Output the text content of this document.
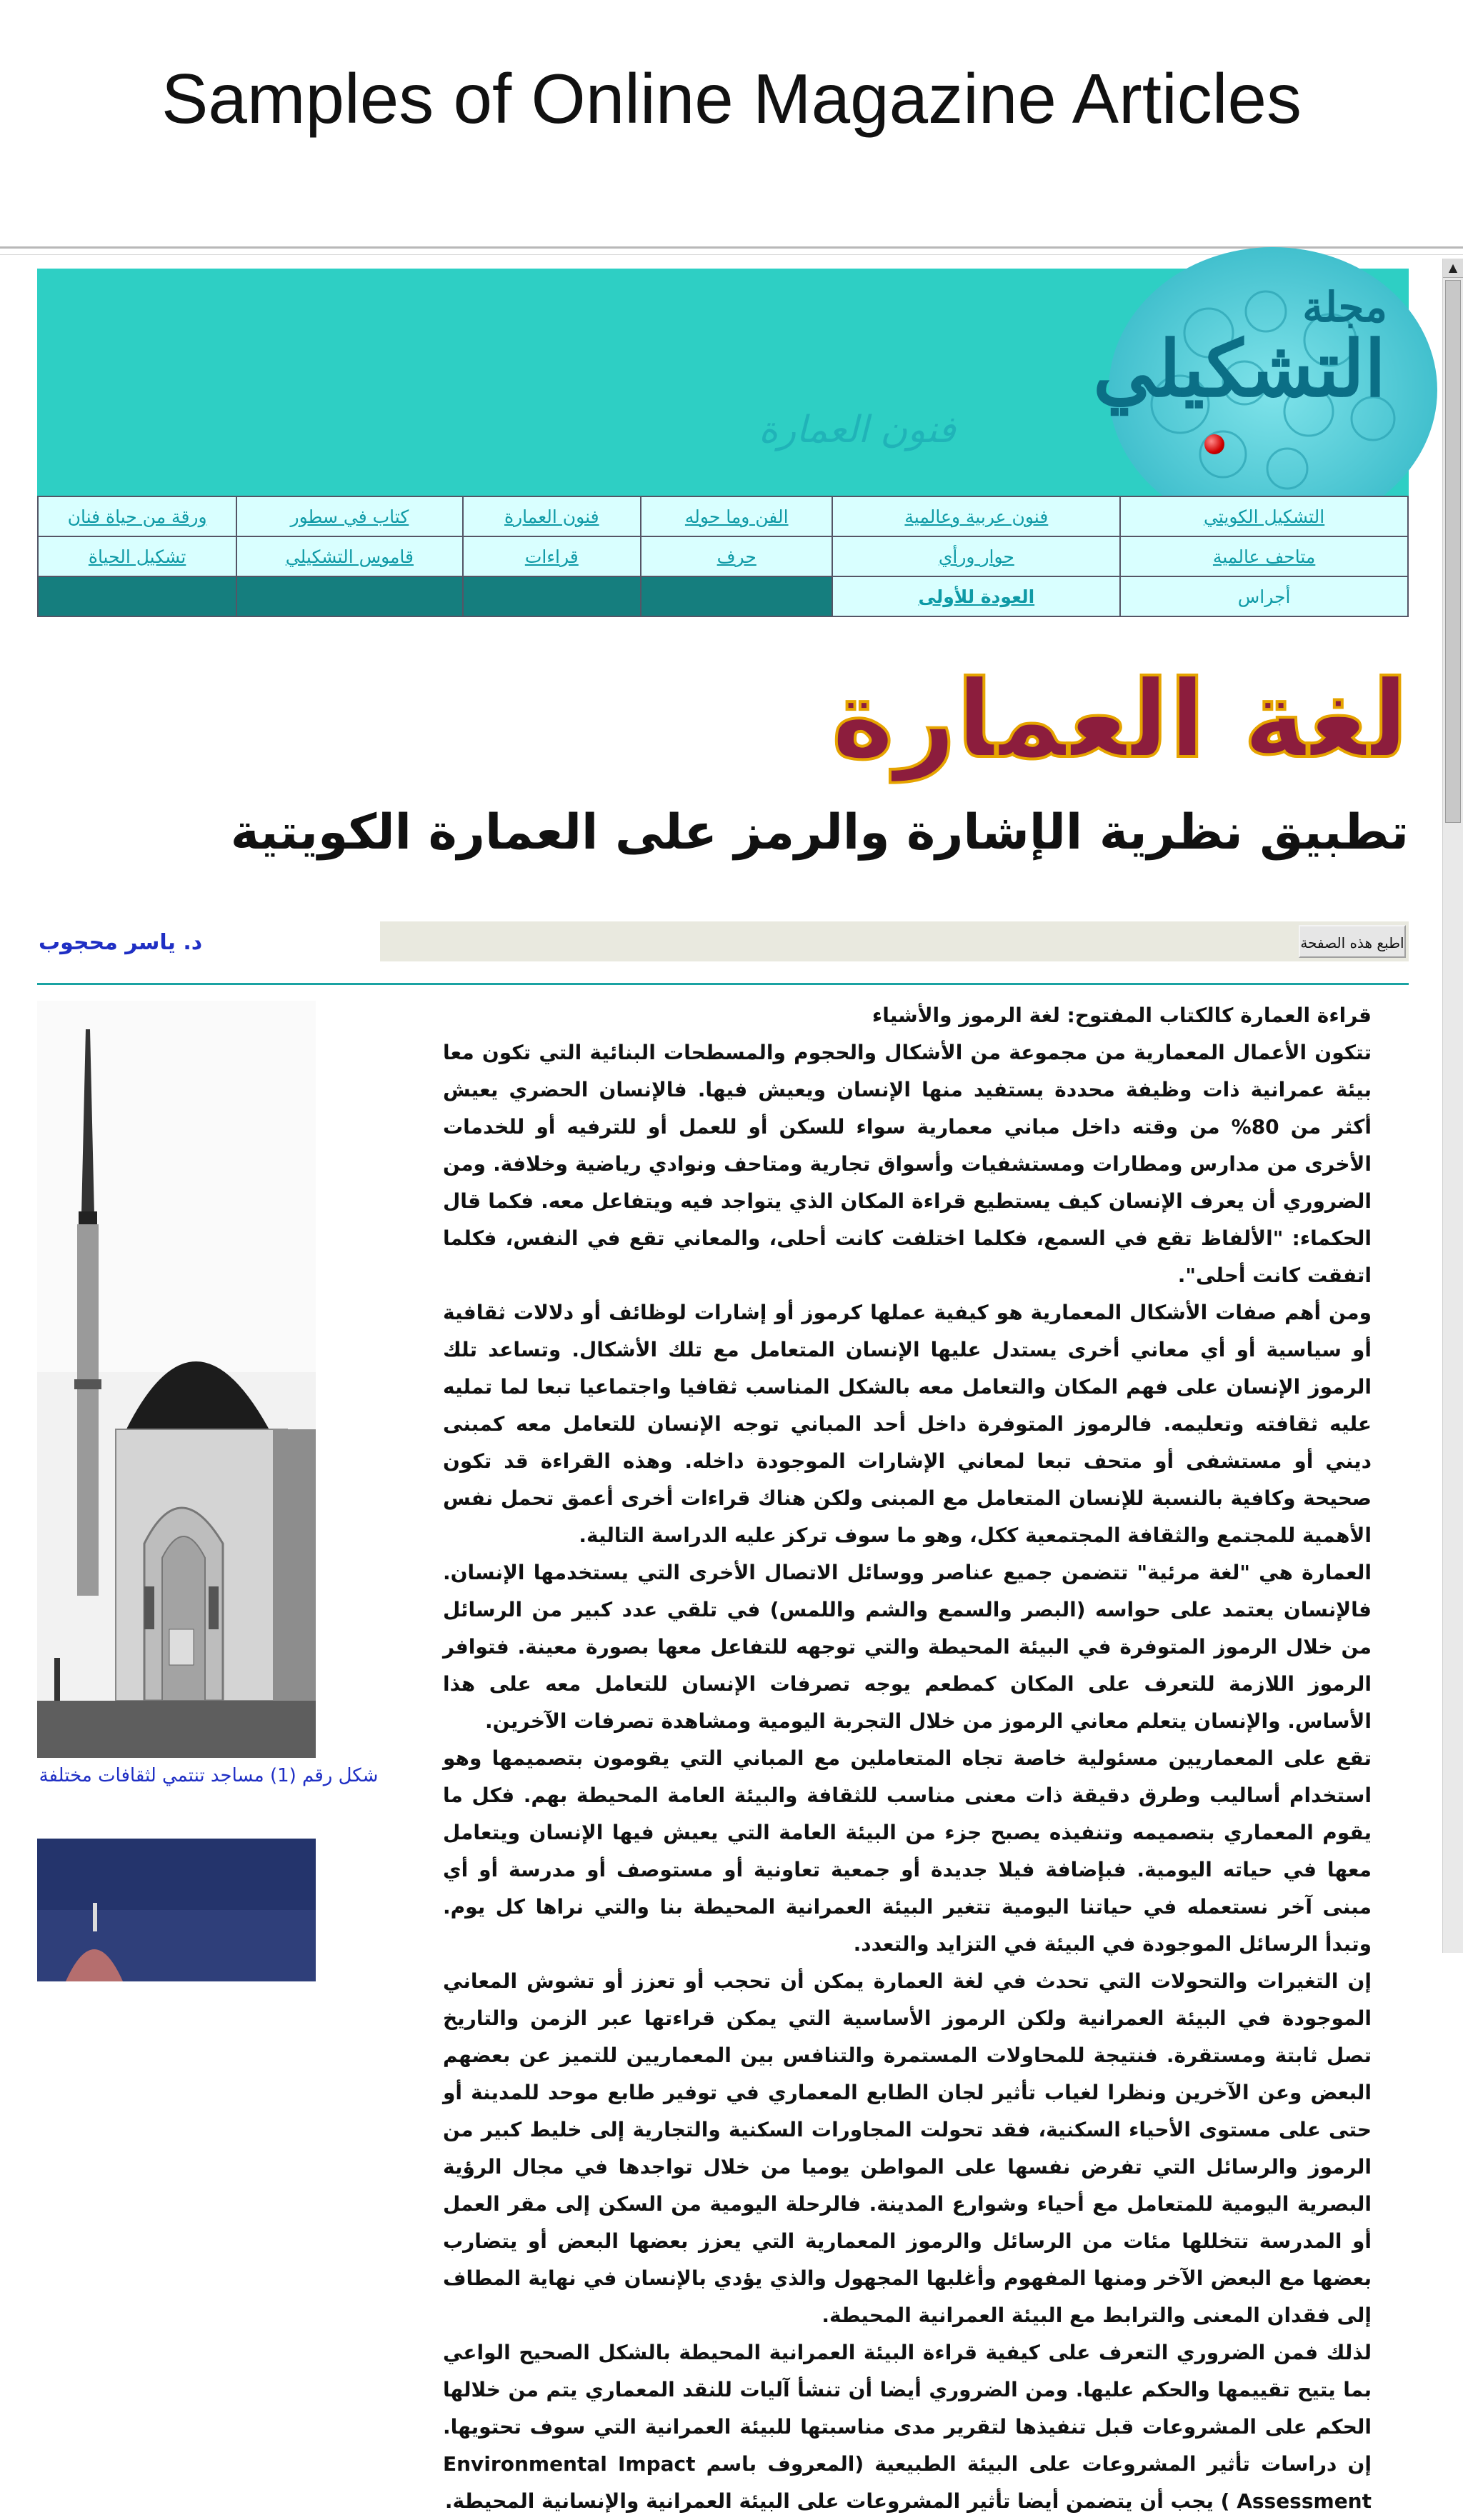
Samples of Online Magazine Articles
▲
مجلة
التشكيلي
فنون العمارة
التشكيل الكويتي	فنون عربية وعالمية	الفن وما حوله	فنون العمارة	كتاب في سطور	ورقة من حياة فنان
متاحف عالمية	حوار ورأي	حرف	قراءات	قاموس التشكيلي	تشكيل الحياة
أجراس	العودة للأولى				
لغة العمارة
تطبيق نظرية الإشارة والرمز على العمارة الكويتية
اطبع هذه الصفحة
د. ياسر محجوب
شكل رقم (1) مساجد تنتمي لثقافات مختلفة

قراءة العمارة كالكتاب المفتوح: لغة الرموز والأشياء

تتكون الأعمال المعمارية من مجموعة من الأشكال والحجوم والمسطحات البنائية التي تكون معا بيئة عمرانية ذات وظيفة محددة يستفيد منها الإنسان ويعيش فيها. فالإنسان الحضري يعيش أكثر من 80% من وقته داخل مباني معمارية سواء للسكن أو للعمل أو للترفيه أو للخدمات الأخرى من مدارس ومطارات ومستشفيات وأسواق تجارية ومتاحف ونوادي رياضية وخلافة. ومن الضروري أن يعرف الإنسان كيف يستطيع قراءة المكان الذي يتواجد فيه ويتفاعل معه. فكما قال الحكماء: "الألفاظ تقع في السمع، فكلما اختلفت كانت أحلى، والمعاني تقع في النفس، فكلما اتفقت كانت أحلى".

ومن أهم صفات الأشكال المعمارية هو كيفية عملها كرموز أو إشارات لوظائف أو دلالات ثقافية أو سياسية أو أي معاني أخرى يستدل عليها الإنسان المتعامل مع تلك الأشكال. وتساعد تلك الرموز الإنسان على فهم المكان والتعامل معه بالشكل المناسب ثقافيا واجتماعيا تبعا لما تمليه عليه ثقافته وتعليمه. فالرموز المتوفرة داخل أحد المباني توجه الإنسان للتعامل معه كمبنى ديني أو مستشفى أو متحف تبعا لمعاني الإشارات الموجودة داخله. وهذه القراءة قد تكون صحيحة وكافية بالنسبة للإنسان المتعامل مع المبنى ولكن هناك قراءات أخرى أعمق تحمل نفس الأهمية للمجتمع والثقافة المجتمعية ككل، وهو ما سوف تركز عليه الدراسة التالية.

العمارة هي "لغة مرئية" تتضمن جميع عناصر ووسائل الاتصال الأخرى التي يستخدمها الإنسان. فالإنسان يعتمد على حواسه (البصر والسمع والشم واللمس) في تلقي عدد كبير من الرسائل من خلال الرموز المتوفرة في البيئة المحيطة والتي توجهه للتفاعل معها بصورة معينة. فتوافر الرموز اللازمة للتعرف على المكان كمطعم يوجه تصرفات الإنسان للتعامل معه على هذا الأساس. والإنسان يتعلم معاني الرموز من خلال التجربة اليومية ومشاهدة تصرفات الآخرين.

تقع على المعماريين مسئولية خاصة تجاه المتعاملين مع المباني التي يقومون بتصميمها وهو استخدام أساليب وطرق دقيقة ذات معنى مناسب للثقافة والبيئة العامة المحيطة بهم. فكل ما يقوم المعماري بتصميمه وتنفيذه يصبح جزء من البيئة العامة التي يعيش فيها الإنسان ويتعامل معها في حياته اليومية. فبإضافة فيلا جديدة أو جمعية تعاونية أو مستوصف أو مدرسة أو أي مبنى آخر نستعمله في حياتنا اليومية تتغير البيئة العمرانية المحيطة بنا والتي نراها كل يوم. وتبدأ الرسائل الموجودة في البيئة في التزايد والتعدد.

إن التغيرات والتحولات التي تحدث في لغة العمارة يمكن أن تحجب أو تعزز أو تشوش المعاني الموجودة في البيئة العمرانية ولكن الرموز الأساسية التي يمكن قراءتها عبر الزمن والتاريخ تصل ثابتة ومستقرة. فنتيجة للمحاولات المستمرة والتنافس بين المعماريين للتميز عن بعضهم البعض وعن الآخرين ونظرا لغياب تأثير لجان الطابع المعماري في توفير طابع موحد للمدينة أو حتى على مستوى الأحياء السكنية، فقد تحولت المجاورات السكنية والتجارية إلى خليط كبير من الرموز والرسائل التي تفرض نفسها على المواطن يوميا من خلال تواجدها في مجال الرؤية البصرية اليومية للمتعامل مع أحياء وشوارع المدينة. فالرحلة اليومية من السكن إلى مقر العمل أو المدرسة تتخللها مئات من الرسائل والرموز المعمارية التي يعزز بعضها البعض أو يتضارب بعضها مع البعض الآخر ومنها المفهوم وأغلبها المجهول والذي يؤدي بالإنسان في نهاية المطاف إلى فقدان المعنى والترابط مع البيئة العمرانية المحيطة.

لذلك فمن الضروري التعرف على كيفية قراءة البيئة العمرانية المحيطة بالشكل الصحيح الواعي بما يتيح تقييمها والحكم عليها. ومن الضروري أيضا أن تنشأ آليات للنقد المعماري يتم من خلالها الحكم على المشروعات قبل تنفيذها لتقرير مدى مناسبتها للبيئة العمرانية التي سوف تحتويها. إن دراسات تأثير المشروعات على البيئة الطبيعية (المعروف باسم Environmental Impact Assessment ) يجب أن يتضمن أيضا تأثير المشروعات على البيئة العمرانية والإنسانية المحيطة.
